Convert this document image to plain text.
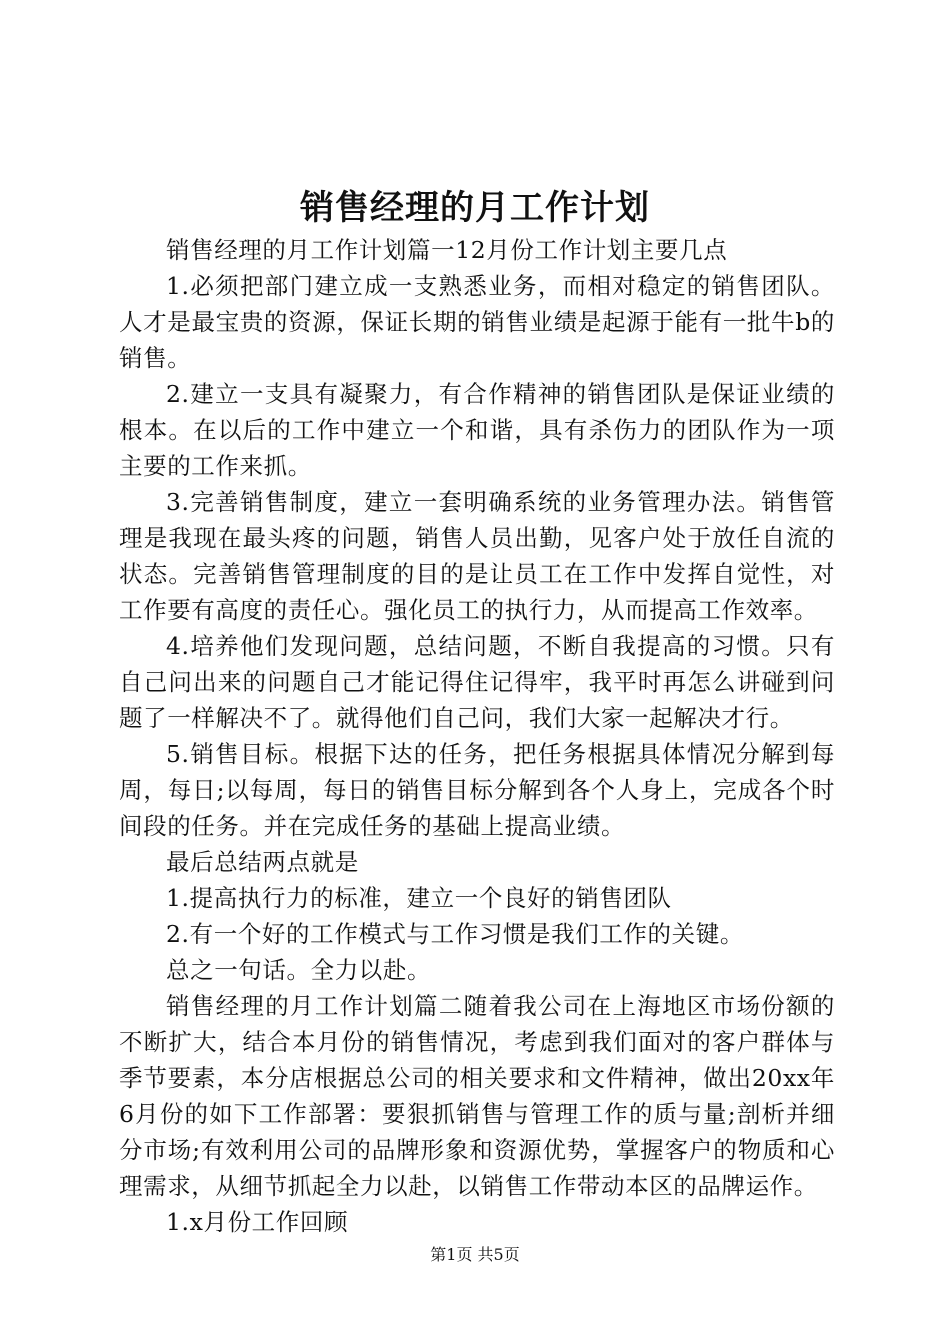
销售经理的月工作计划

销售经理的月工作计划篇一12月份工作计划主要几点

1.必须把部门建立成一支熟悉业务，而相对稳定的销售团队。人才是最宝贵的资源，保证长期的销售业绩是起源于能有一批牛b的销售。

2.建立一支具有凝聚力，有合作精神的销售团队是保证业绩的根本。在以后的工作中建立一个和谐，具有杀伤力的团队作为一项主要的工作来抓。

3.完善销售制度，建立一套明确系统的业务管理办法。销售管理是我现在最头疼的问题，销售人员出勤，见客户处于放任自流的状态。完善销售管理制度的目的是让员工在工作中发挥自觉性，对工作要有高度的责任心。强化员工的执行力，从而提高工作效率。

4.培养他们发现问题，总结问题，不断自我提高的习惯。只有自己问出来的问题自己才能记得住记得牢，我平时再怎么讲碰到问题了一样解决不了。就得他们自己问，我们大家一起解决才行。

5.销售目标。根据下达的任务，把任务根据具体情况分解到每周，每日;以每周，每日的销售目标分解到各个人身上，完成各个时间段的任务。并在完成任务的基础上提高业绩。

最后总结两点就是

1.提高执行力的标准，建立一个良好的销售团队

2.有一个好的工作模式与工作习惯是我们工作的关键。

总之一句话。全力以赴。

销售经理的月工作计划篇二随着我公司在上海地区市场份额的不断扩大，结合本月份的销售情况，考虑到我们面对的客户群体与季节要素，本分店根据总公司的相关要求和文件精神，做出20xx年6月份的如下工作部署：要狠抓销售与管理工作的质与量;剖析并细分市场;有效利用公司的品牌形象和资源优势，掌握客户的物质和心理需求，从细节抓起全力以赴，以销售工作带动本区的品牌运作。

1.x月份工作回顾

第1页 共5页
